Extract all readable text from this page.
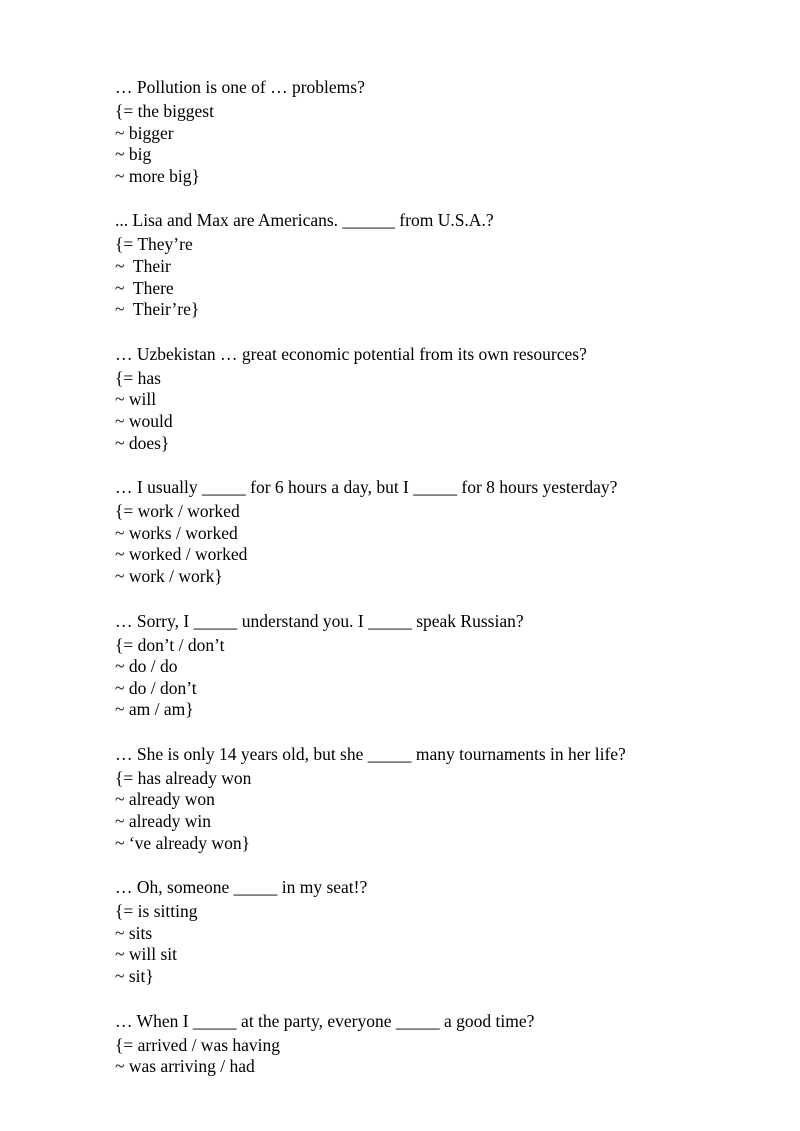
… Pollution is one of … problems?

{= the biggest

~ bigger

~ big

~ more big}

... Lisa and Max are Americans. ______ from U.S.A.?

{= They’re

~  Their

~  There

~  Their’re}

… Uzbekistan … great economic potential from its own resources?

{= has

~ will

~ would

~ does}

… I usually _____ for 6 hours a day, but I _____ for 8 hours yesterday?

{= work / worked

~ works / worked

~ worked / worked

~ work / work}

… Sorry, I _____ understand you. I _____ speak Russian?

{= don’t / don’t

~ do / do

~ do / don’t

~ am / am}

… She is only 14 years old, but she _____ many tournaments in her life?

{= has already won

~ already won

~ already win

~ ‘ve already won}

… Oh, someone _____ in my seat!?

{= is sitting

~ sits

~ will sit

~ sit}

… When I _____ at the party, everyone _____ a good time?

{= arrived / was having

~ was arriving / had
